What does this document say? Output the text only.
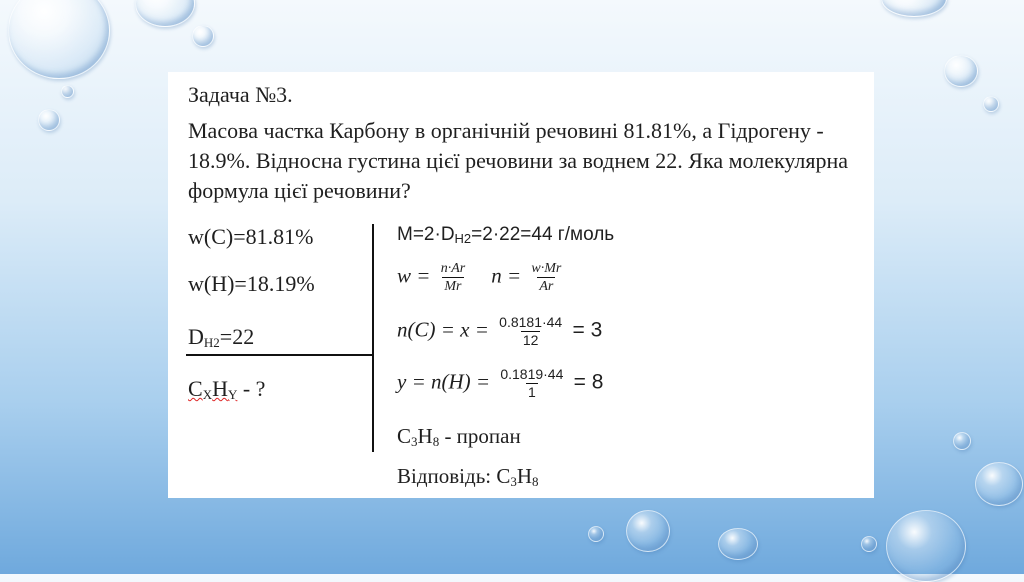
Задача №3.
Масова частка Карбону в органічній речовині 81.81%, а Гідрогену - 18.9%. Відносна густина цієї речовини за воднем 22. Яка молекулярна формула цієї речовини?
w(C)=81.81%
w(H)=18.19%
$D_{H2}=22$
$C_XH_Y$ - ?
$M=2\cdot D_{H2}=2\cdot 22=44$ г/моль
$w = \frac{n\cdot Ar}{Mr}$ $n = \frac{w\cdot Mr}{Ar}$
$n(C) = x = \frac{0.8181\cdot 44}{12} = 3$
$y = n(H) = \frac{0.1819\cdot 44}{1} = 8$
$C_3H_8$ - пропан
Відповідь: $C_3H_8$
